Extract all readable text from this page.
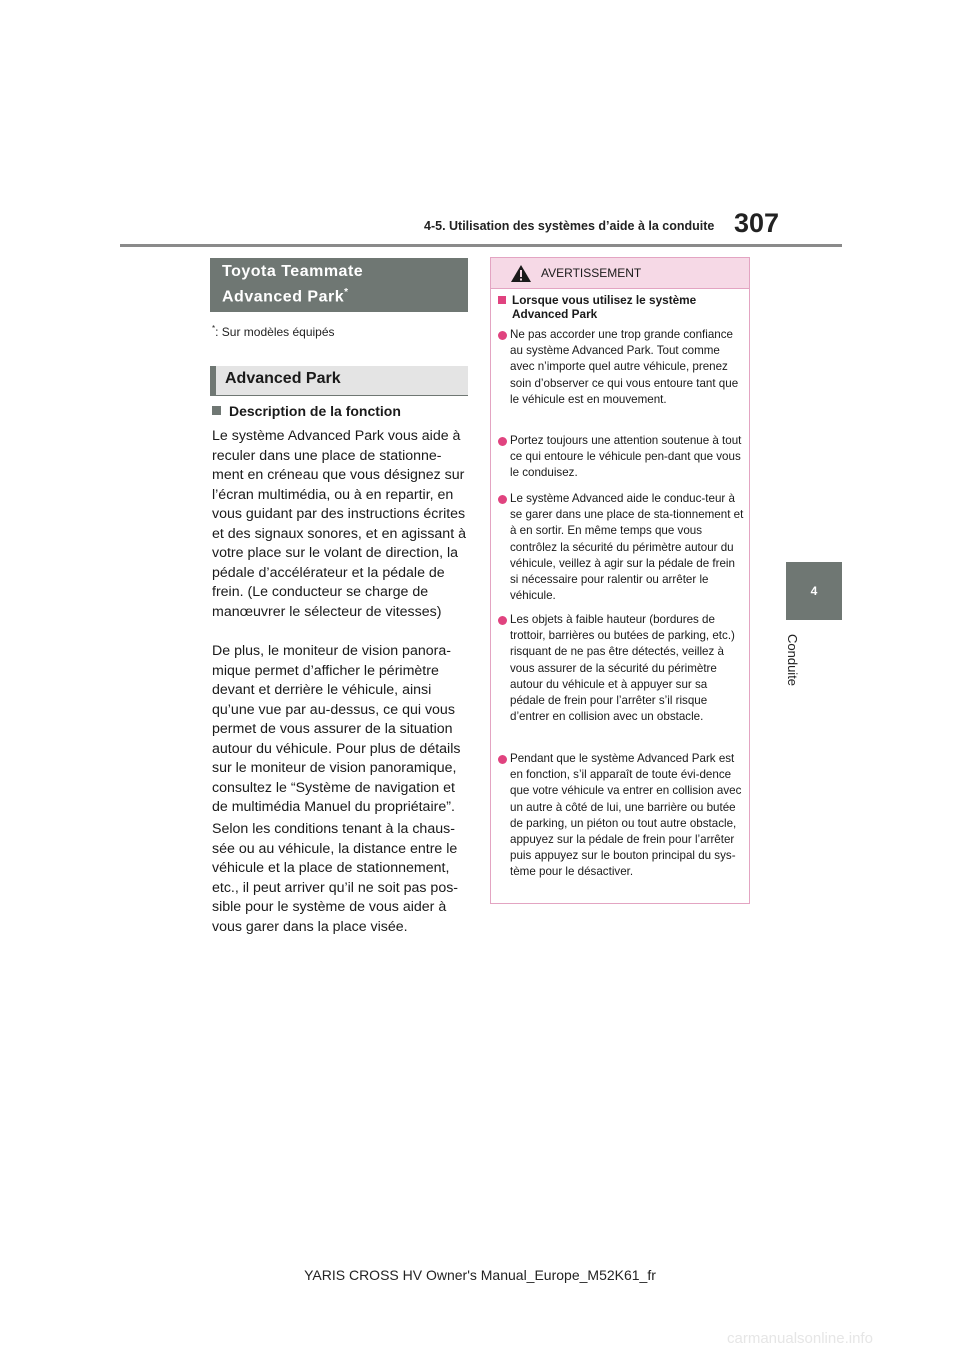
4-5. Utilisation des systèmes d’aide à la conduite 307
4
Conduite
Toyota Teammate
Advanced Park*
*: Sur modèles équipés
Advanced Park
Description de la fonction
Le système Advanced Park vous aide à reculer dans une place de stationne-ment en créneau que vous désignez sur l’écran multimédia, ou à en repartir, en vous guidant par des instructions écrites et des signaux sonores, et en agissant à votre place sur le volant de direction, la pédale d’accélérateur et la pédale de frein. (Le conducteur se charge de manœuvrer le sélecteur de vitesses)
De plus, le moniteur de vision panora-mique permet d’afficher le périmètre devant et derrière le véhicule, ainsi qu’une vue par au-dessus, ce qui vous permet de vous assurer de la situation autour du véhicule. Pour plus de détails sur le moniteur de vision panoramique, consultez le “Système de navigation et de multimédia Manuel du propriétaire”.
Selon les conditions tenant à la chaus-sée ou au véhicule, la distance entre le véhicule et la place de stationnement, etc., il peut arriver qu’il ne soit pas pos-sible pour le système de vous aider à vous garer dans la place visée.
AVERTISSEMENT
Lorsque vous utilisez le système Advanced Park
Ne pas accorder une trop grande confiance au système Advanced Park. Tout comme avec n’importe quel autre véhicule, prenez soin d’observer ce qui vous entoure tant que le véhicule est en mouvement.
Portez toujours une attention soutenue à tout ce qui entoure le véhicule pen-dant que vous le conduisez.
Le système Advanced aide le conduc-teur à se garer dans une place de sta-tionnement et à en sortir. En même temps que vous contrôlez la sécurité du périmètre autour du véhicule, veillez à agir sur la pédale de frein si nécessaire pour ralentir ou arrêter le véhicule.
Les objets à faible hauteur (bordures de trottoir, barrières ou butées de parking, etc.) risquant de ne pas être détectés, veillez à vous assurer de la sécurité du périmètre autour du véhicule et à appuyer sur sa pédale de frein pour l’arrêter s’il risque d’entrer en collision avec un obstacle.
Pendant que le système Advanced Park est en fonction, s’il apparaît de toute évi-dence que votre véhicule va entrer en collision avec un autre à côté de lui, une barrière ou butée de parking, un piéton ou tout autre obstacle, appuyez sur la pédale de frein pour l’arrêter puis appuyez sur le bouton principal du sys-tème pour le désactiver.
YARIS CROSS HV Owner's Manual_Europe_M52K61_fr
carmanualsonline.info
